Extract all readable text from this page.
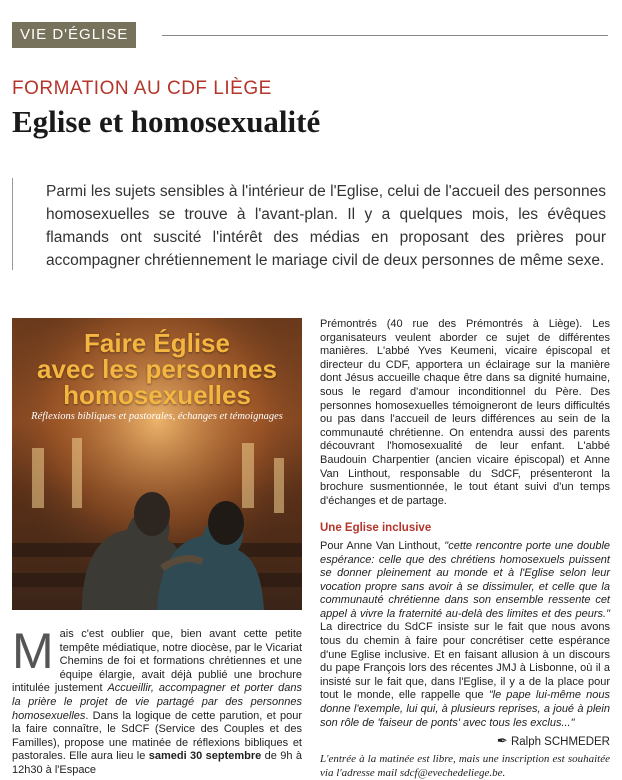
VIE D'ÉGLISE
FORMATION AU CDF LIÈGE
Eglise et homosexualité
Parmi les sujets sensibles à l'intérieur de l'Eglise, celui de l'accueil des personnes homosexuelles se trouve à l'avant-plan. Il y a quelques mois, les évêques flamands ont suscité l'intérêt des médias en proposant des prières pour accompagner chrétiennement le mariage civil de deux personnes de même sexe.
Faire Église
avec les personnes
homosexuelles
Réflexions bibliques et pastorales, échanges et témoignages

Mais c'est oublier que, bien avant cette petite tempête médiatique, notre diocèse, par le Vicariat Chemins de foi et formations chrétiennes et une équipe élargie, avait déjà publié une brochure intitulée justement Accueillir, accompagner et porter dans la prière le projet de vie partagé par des personnes homosexuelles. Dans la logique de cette parution, et pour la faire connaître, le SdCF (Service des Couples et des Familles), propose une matinée de réflexions bibliques et pastorales. Elle aura lieu le samedi 30 septembre de 9h à 12h30 à l'Espace

Prémontrés (40 rue des Prémontrés à Liège). Les organisateurs veulent aborder ce sujet de différentes manières. L'abbé Yves Keumeni, vicaire épiscopal et directeur du CDF, apportera un éclairage sur la manière dont Jésus accueille chaque être dans sa dignité humaine, sous le regard d'amour inconditionnel du Père. Des personnes homosexuelles témoigneront de leurs difficultés ou pas dans l'accueil de leurs différences au sein de la communauté chrétienne. On entendra aussi des parents découvrant l'homosexualité de leur enfant. L'abbé Baudouin Charpentier (ancien vicaire épiscopal) et Anne Van Linthout, responsable du SdCF, présenteront la brochure susmentionnée, le tout étant suivi d'un temps d'échanges et de partage.

Une Eglise inclusive

Pour Anne Van Linthout, "cette rencontre porte une double espérance: celle que des chrétiens homosexuels puissent se donner pleinement au monde et à l'Eglise selon leur vocation propre sans avoir à se dissimuler, et celle que la communauté chrétienne dans son ensemble ressente cet appel à vivre la fraternité au-delà des limites et des peurs." La directrice du SdCF insiste sur le fait que nous avons tous du chemin à faire pour concrétiser cette espérance d'une Eglise inclusive. Et en faisant allusion à un discours du pape François lors des récentes JMJ à Lisbonne, où il a insisté sur le fait que, dans l'Eglise, il y a de la place pour tout le monde, elle rappelle que "le pape lui-même nous donne l'exemple, lui qui, à plusieurs reprises, a joué à plein son rôle de 'faiseur de ponts' avec tous les exclus..."

✒ Ralph SCHMEDER
L'entrée à la matinée est libre, mais une inscription est souhaitée via l'adresse mail sdcf@evechedeliege.be.
